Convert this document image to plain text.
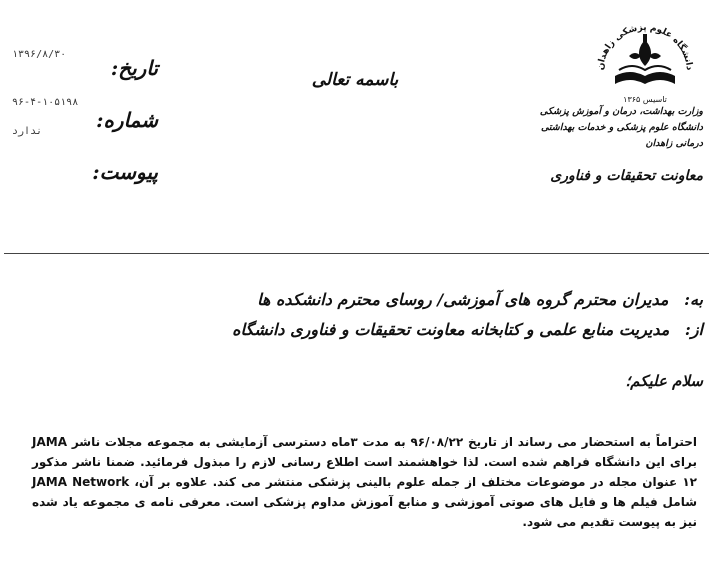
۱۳۹۶/۸/۳۰
۹۶-۴-۱۰۵۱۹۸
ندارد
تاریخ:
شماره:
پیوست:
باسمه تعالی
دانشگاه علوم پزشکی زاهدان
تاسیس ۱۳۶۵
وزارت بهداشت، درمان و آموزش پزشکی
دانشگاه علوم پزشکی و خدمات بهداشتی درمانی زاهدان
معاونت تحقیقات و فناوری
به: مدیران محترم گروه های آموزشی/ روسای محترم دانشکده ها
از: مدیریت منابع علمی و کتابخانه معاونت تحقیقات و فناوری دانشگاه
سلام علیکم؛
احتراماً به استحضار می رساند از تاریخ ۹۶/۰۸/۲۲ به مدت ۳ماه دسترسی آزمایشی به مجموعه مجلات ناشر JAMA برای این دانشگاه فراهم شده است. لذا خواهشمند است اطلاع رسانی لازم را مبذول فرمائید. ضمنا ناشر مذکور ۱۲ عنوان مجله در موضوعات مختلف از جمله علوم بالینی پزشکی منتشر می کند. علاوه بر آن، JAMA Network شامل فیلم ها و فایل های صوتی آموزشی و منابع آموزش مداوم پزشکی است. معرفی نامه ی مجموعه یاد شده نیز به پیوست تقدیم می شود.
